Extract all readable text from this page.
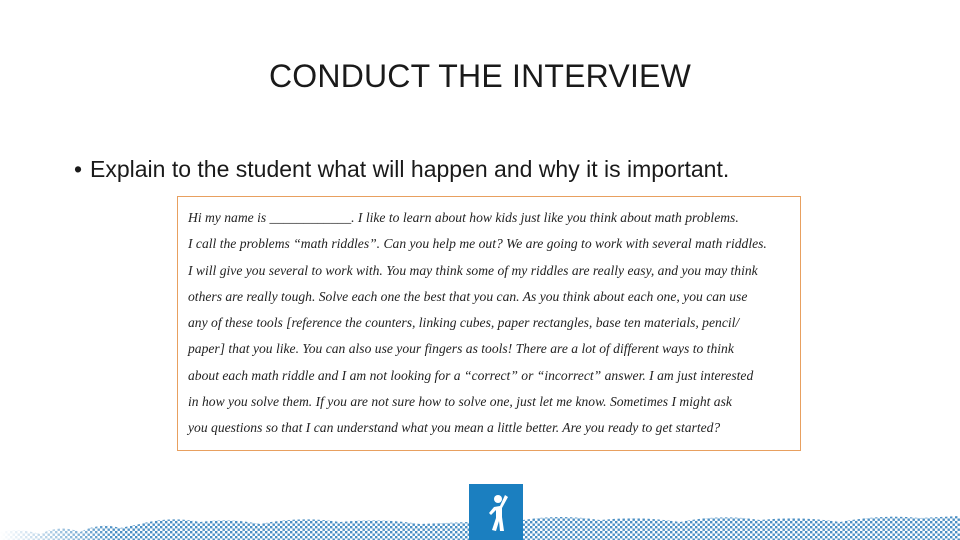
CONDUCT THE INTERVIEW
• Explain to the student what will happen and why it is important.
Hi my name is ____________. I like to learn about how kids just like you think about math problems.
I call the problems “math riddles”. Can you help me out? We are going to work with several math riddles.
I will give you several to work with. You may think some of my riddles are really easy, and you may think
others are really tough. Solve each one the best that you can. As you think about each one, you can use
any of these tools [reference the counters, linking cubes, paper rectangles, base ten materials, pencil/
paper] that you like. You can also use your fingers as tools! There are a lot of different ways to think
about each math riddle and I am not looking for a “correct” or “incorrect” answer. I am just interested
in how you solve them. If you are not sure how to solve one, just let me know. Sometimes I might ask
you questions so that I can understand what you mean a little better. Are you ready to get started?
